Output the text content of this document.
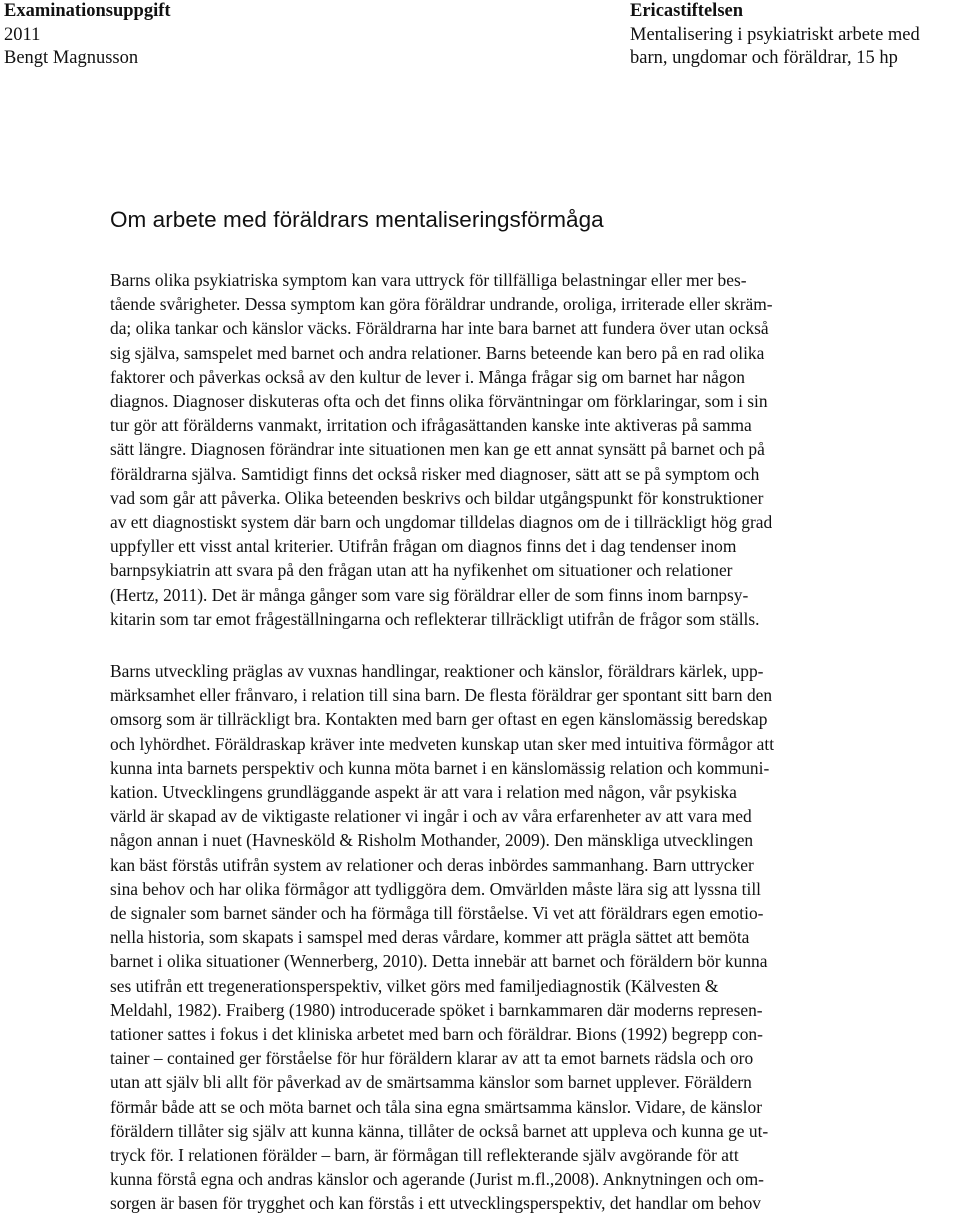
Examinationsuppgift
2011
Bengt Magnusson
Ericastiftelsen
Mentalisering i psykiatriskt arbete med
barn, ungdomar och föräldrar, 15 hp
Om arbete med föräldrars mentaliseringsförmåga
Barns olika psykiatriska symptom kan vara uttryck för tillfälliga belastningar eller mer bes-
tående svårigheter. Dessa symptom kan göra föräldrar undrande, oroliga, irriterade eller skräm-
da; olika tankar och känslor väcks. Föräldrarna har inte bara barnet att fundera över utan också
sig själva, samspelet med barnet och andra relationer. Barns beteende kan bero på en rad olika
faktorer och påverkas också av den kultur de lever i. Många frågar sig om barnet har någon
diagnos. Diagnoser diskuteras ofta och det finns olika förväntningar om förklaringar, som i sin
tur gör att förälderns vanmakt, irritation och ifrågasättanden kanske inte aktiveras på samma
sätt längre. Diagnosen förändrar inte situationen men kan ge ett annat synsätt på barnet och på
föräldrarna själva. Samtidigt finns det också risker med diagnoser, sätt att se på symptom och
vad som går att påverka. Olika beteenden beskrivs och bildar utgångspunkt för konstruktioner
av ett diagnostiskt system där barn och ungdomar tilldelas diagnos om de i tillräckligt hög grad
uppfyller ett visst antal kriterier. Utifrån frågan om diagnos finns det i dag tendenser inom
barnpsykiatrin att svara på den frågan utan att ha nyfikenhet om situationer och relationer
(Hertz, 2011). Det är många gånger som vare sig föräldrar eller de som finns inom barnpsy-
kitarin som tar emot frågeställningarna och reflekterar tillräckligt utifrån de frågor som ställs.
Barns utveckling präglas av vuxnas handlingar, reaktioner och känslor, föräldrars kärlek, upp-
märksamhet eller frånvaro, i relation till sina barn. De flesta föräldrar ger spontant sitt barn den
omsorg som är tillräckligt bra. Kontakten med barn ger oftast en egen känslomässig beredskap
och lyhördhet. Föräldraskap kräver inte medveten kunskap utan sker med intuitiva förmågor att
kunna inta barnets perspektiv och kunna möta barnet i en känslomässig relation och kommuni-
kation. Utvecklingens grundläggande aspekt är att vara i relation med någon, vår psykiska
värld är skapad av de viktigaste relationer vi ingår i och av våra erfarenheter av att vara med
någon annan i nuet (Havnesköld & Risholm Mothander, 2009). Den mänskliga utvecklingen
kan bäst förstås utifrån system av relationer och deras inbördes sammanhang. Barn uttrycker
sina behov och har olika förmågor att tydliggöra dem. Omvärlden måste lära sig att lyssna till
de signaler som barnet sänder och ha förmåga till förståelse. Vi vet att föräldrars egen emotio-
nella historia, som skapats i samspel med deras vårdare, kommer att prägla sättet att bemöta
barnet i olika situationer (Wennerberg, 2010). Detta innebär att barnet och föräldern bör kunna
ses utifrån ett tregenerationsperspektiv, vilket görs med familjediagnostik (Kälvesten &
Meldahl, 1982). Fraiberg (1980) introducerade spöket i barnkammaren där moderns represen-
tationer sattes i fokus i det kliniska arbetet med barn och föräldrar. Bions (1992) begrepp con-
tainer – contained ger förståelse för hur föräldern klarar av att ta emot barnets rädsla och oro
utan att själv bli allt för påverkad av de smärtsamma känslor som barnet upplever. Föräldern
förmår både att se och möta barnet och tåla sina egna smärtsamma känslor. Vidare, de känslor
föräldern tillåter sig själv att kunna känna, tillåter de också barnet att uppleva och kunna ge ut-
tryck för. I relationen förälder – barn, är förmågan till reflekterande själv avgörande för att
kunna förstå egna och andras känslor och agerande (Jurist m.fl.,2008). Anknytningen och om-
sorgen är basen för trygghet och kan förstås i ett utvecklingsperspektiv, det handlar om behov
